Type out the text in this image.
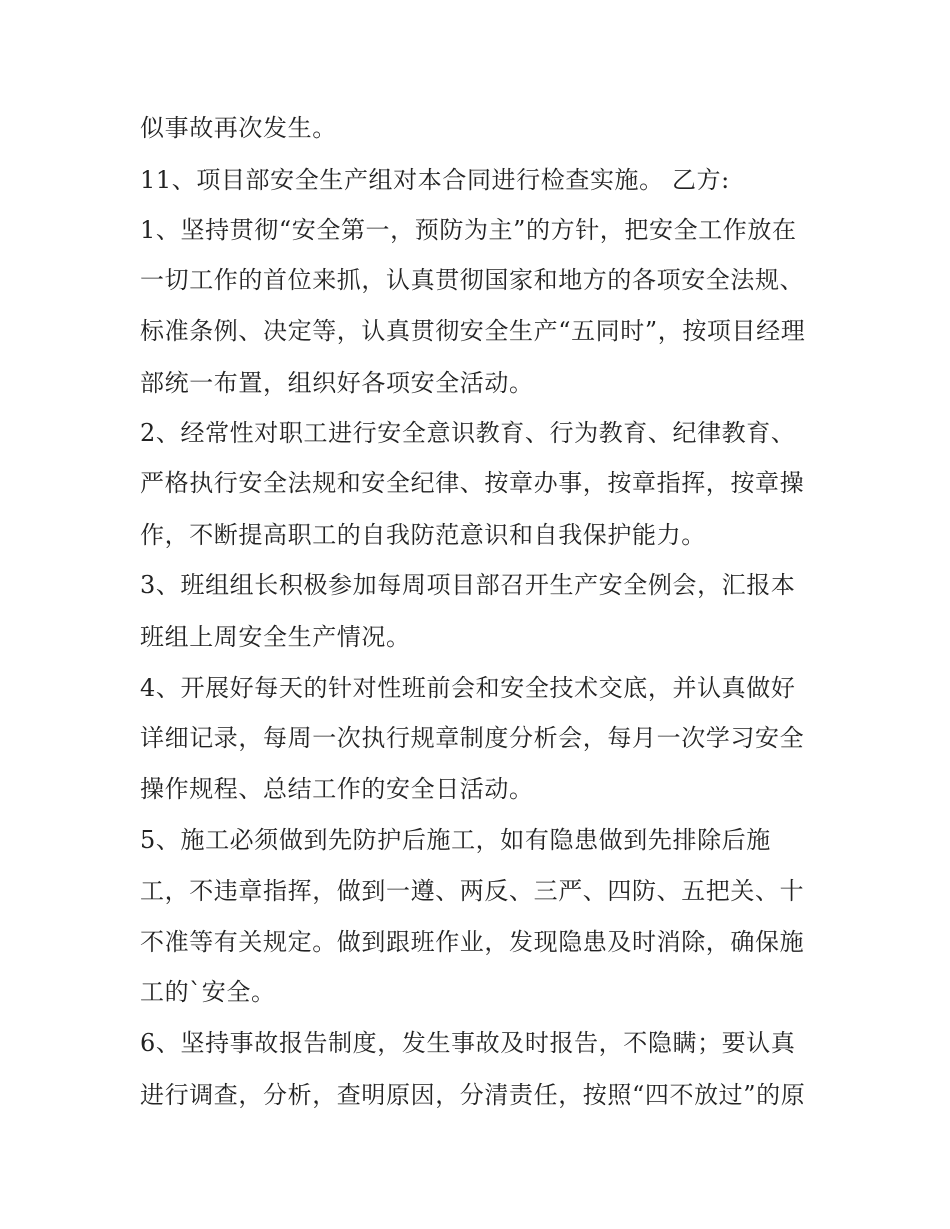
似事故再次发生。
11、项目部安全生产组对本合同进行检查实施。 乙方:
1、坚持贯彻“安全第一，预防为主”的方针，把安全工作放在
一切工作的首位来抓，认真贯彻国家和地方的各项安全法规、
标准条例、决定等，认真贯彻安全生产“五同时”，按项目经理
部统一布置，组织好各项安全活动。
2、经常性对职工进行安全意识教育、行为教育、纪律教育、
严格执行安全法规和安全纪律、按章办事，按章指挥，按章操
作，不断提高职工的自我防范意识和自我保护能力。
3、班组组长积极参加每周项目部召开生产安全例会，汇报本
班组上周安全生产情况。
4、开展好每天的针对性班前会和安全技术交底，并认真做好
详细记录，每周一次执行规章制度分析会，每月一次学习安全
操作规程、总结工作的安全日活动。
5、施工必须做到先防护后施工，如有隐患做到先排除后施
工，不违章指挥，做到一遵、两反、三严、四防、五把关、十
不准等有关规定。做到跟班作业，发现隐患及时消除，确保施
工的`安全。
6、坚持事故报告制度，发生事故及时报告，不隐瞒；要认真
进行调查，分析，查明原因，分清责任，按照“四不放过”的原
